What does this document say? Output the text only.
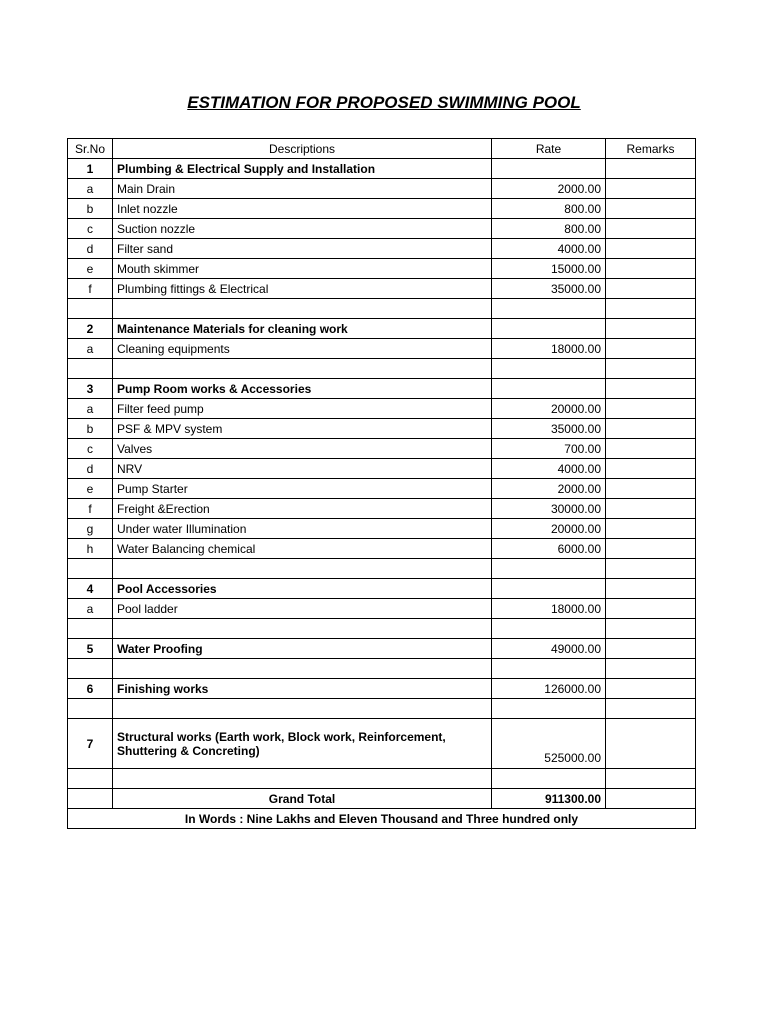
ESTIMATION FOR PROPOSED SWIMMING POOL
Sr.No	Descriptions	Rate	Remarks
1	Plumbing & Electrical Supply and Installation		
a	Main Drain	2000.00	
b	Inlet nozzle	800.00	
c	Suction nozzle	800.00	
d	Filter sand	4000.00	
e	Mouth skimmer	15000.00	
f	Plumbing fittings & Electrical	35000.00	

2	Maintenance Materials for cleaning work		
a	Cleaning equipments	18000.00	

3	Pump Room works & Accessories		
a	Filter feed pump	20000.00	
b	PSF & MPV system	35000.00	
c	Valves	700.00	
d	NRV	4000.00	
e	Pump Starter	2000.00	
f	Freight &Erection	30000.00	
g	Under water Illumination	20000.00	
h	Water Balancing chemical	6000.00	

4	Pool Accessories		
a	Pool ladder	18000.00	

5	Water Proofing	49000.00	

6	Finishing works	126000.00	

7	Structural works (Earth work, Block work, Reinforcement, Shuttering & Concreting)	525000.00	

	Grand Total	911300.00	
In Words : Nine Lakhs and Eleven Thousand and Three hundred only			
